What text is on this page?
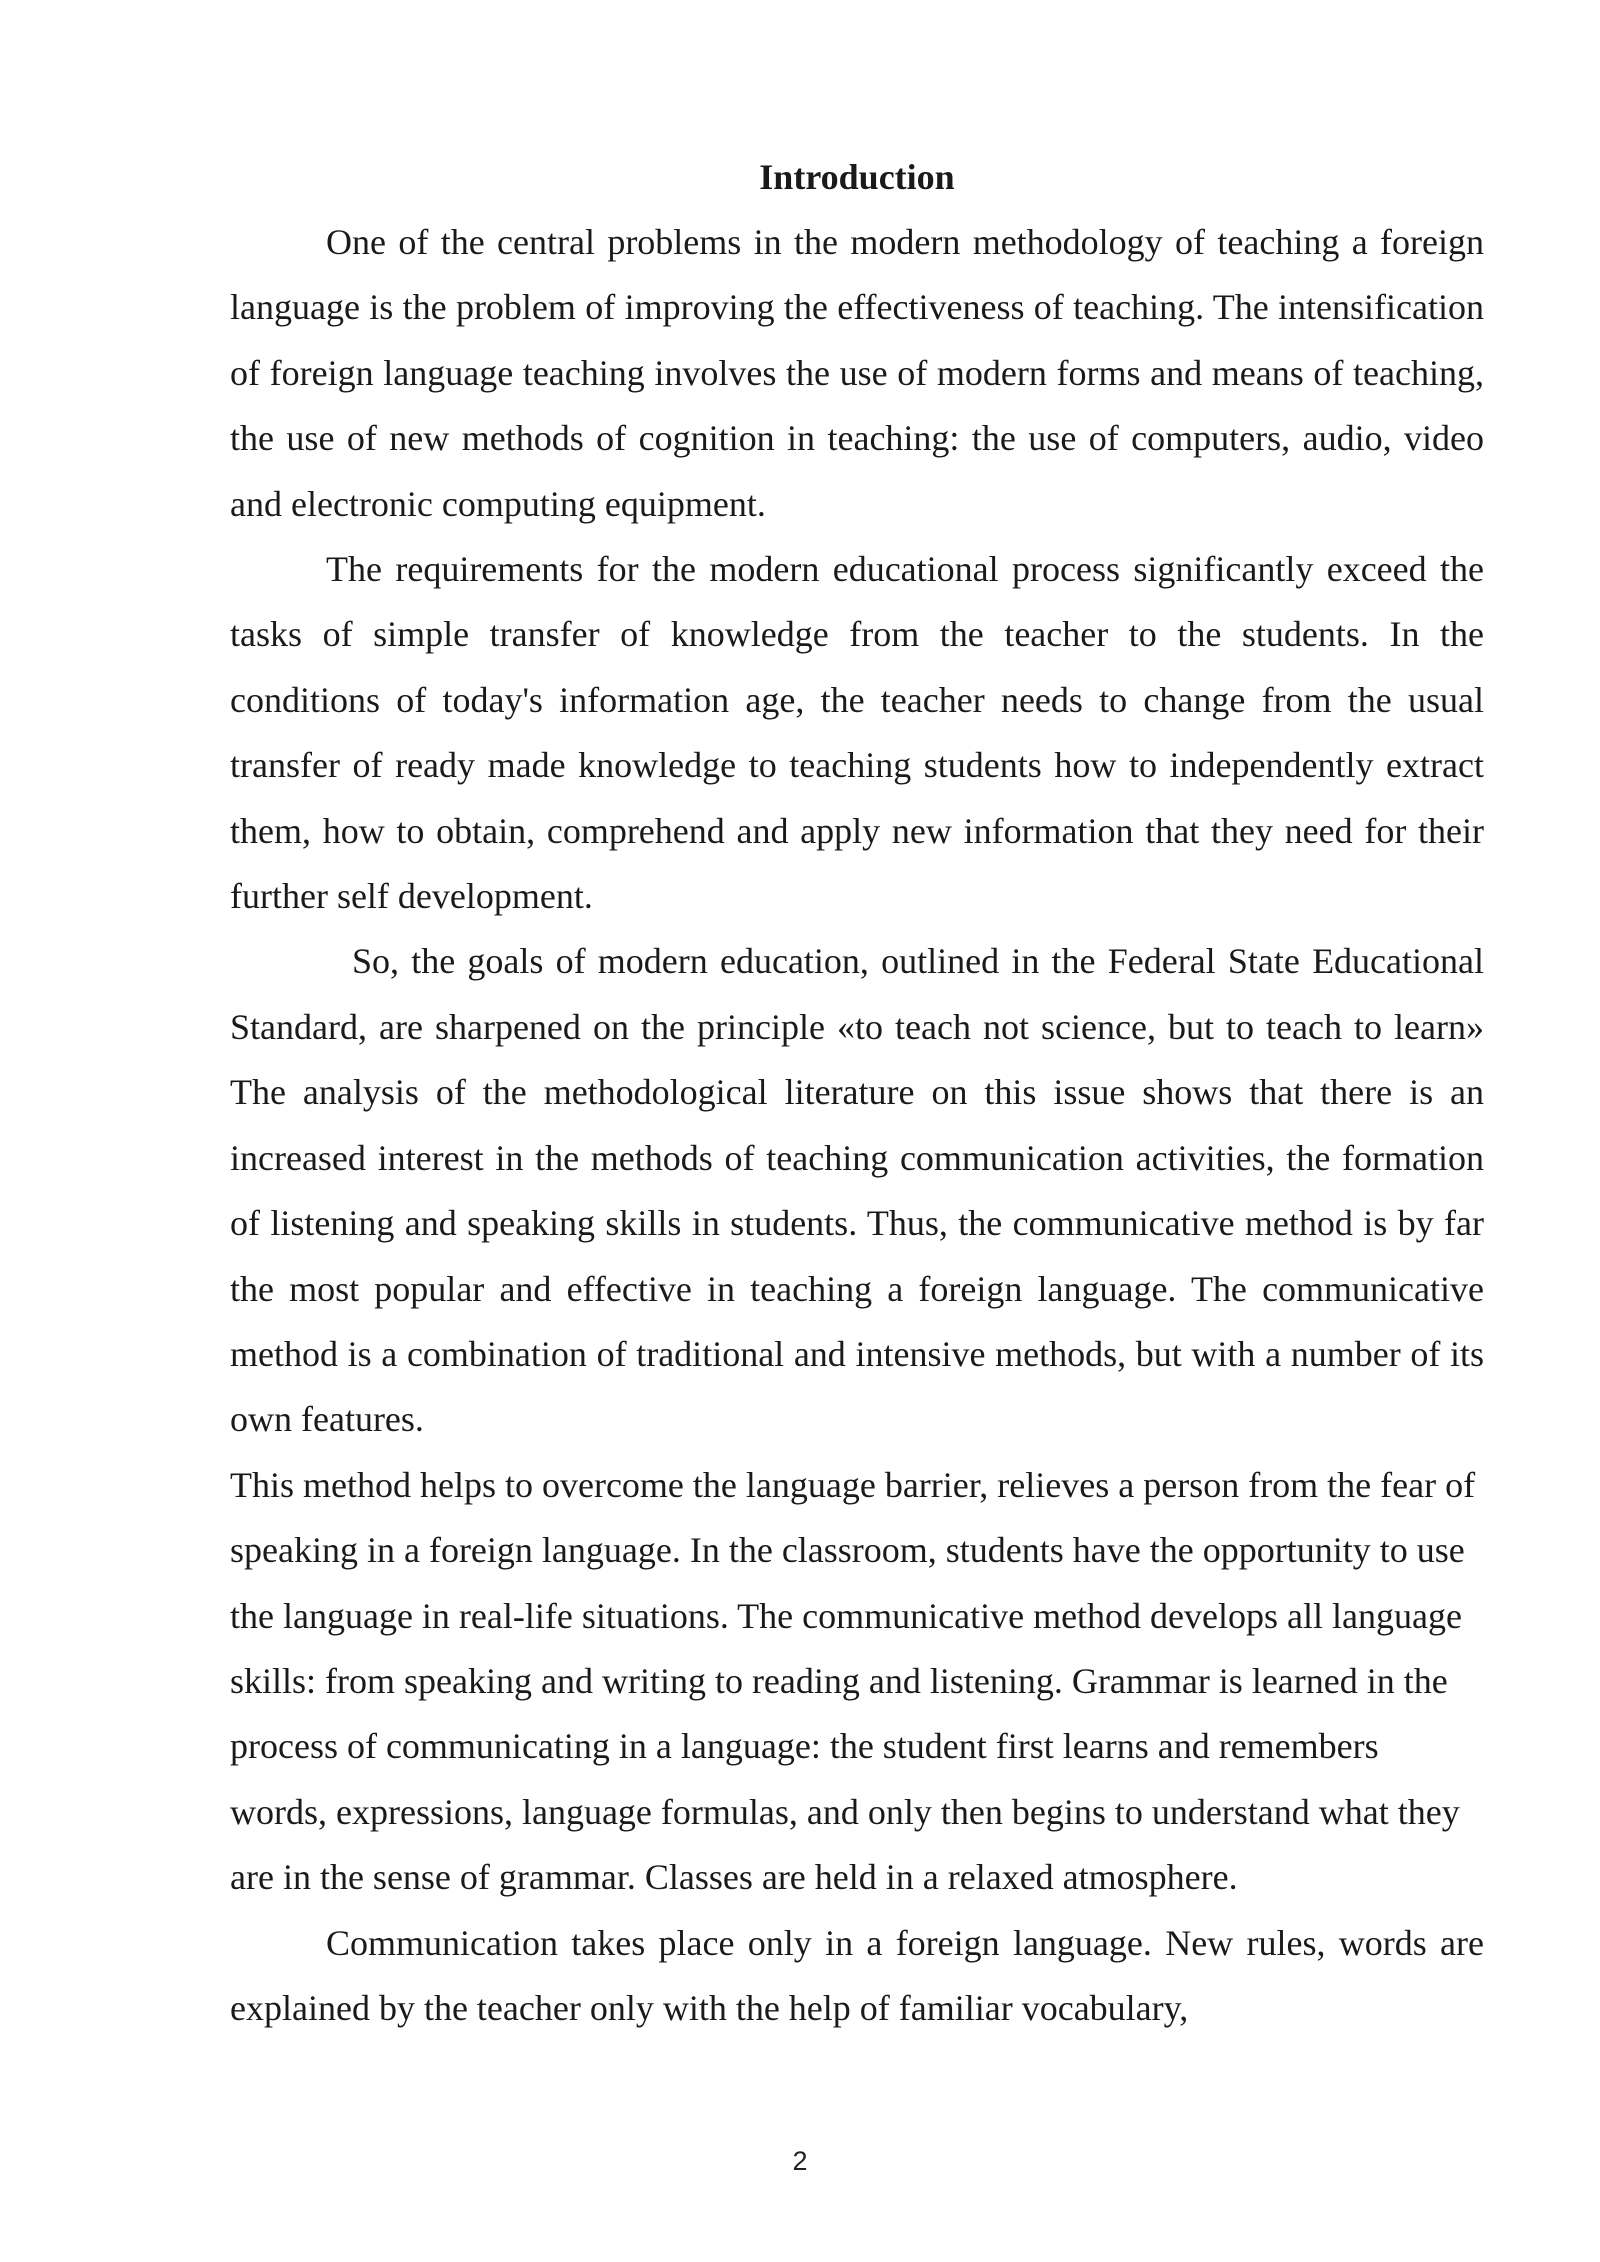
Introduction

One of the central problems in the modern methodology of teaching a foreign language is the problem of improving the effectiveness of teaching. The intensification of foreign language teaching involves the use of modern forms and means of teaching, the use of new methods of cognition in teaching: the use of computers, audio, video and electronic computing equipment.

The requirements for the modern educational process significantly exceed the tasks of simple transfer of knowledge from the teacher to the students. In the conditions of today's information age, the teacher needs to change from the usual transfer of ready made knowledge to teaching students how to independently extract them, how to obtain, comprehend and apply new information that they need for their further self development.

So, the goals of modern education, outlined in the Federal State Educational Standard, are sharpened on the principle «to teach not science, but to teach to learn» The analysis of the methodological literature on this issue shows that there is an increased interest in the methods of teaching communication activities, the formation of listening and speaking skills in students. Thus, the communicative method is by far the most popular and effective in teaching a foreign language. The communicative method is a combination of traditional and intensive methods, but with a number of its own features.

This method helps to overcome the language barrier, relieves a person from the fear of speaking in a foreign language. In the classroom, students have the opportunity to use the language in real-life situations. The communicative method develops all language skills: from speaking and writing to reading and listening. Grammar is learned in the process of communicating in a language: the student first learns and remembers words, expressions, language formulas, and only then begins to understand what they are in the sense of grammar. Classes are held in a relaxed atmosphere.

Communication takes place only in a foreign language. New rules, words are explained by the teacher only with the help of familiar vocabulary,

2
